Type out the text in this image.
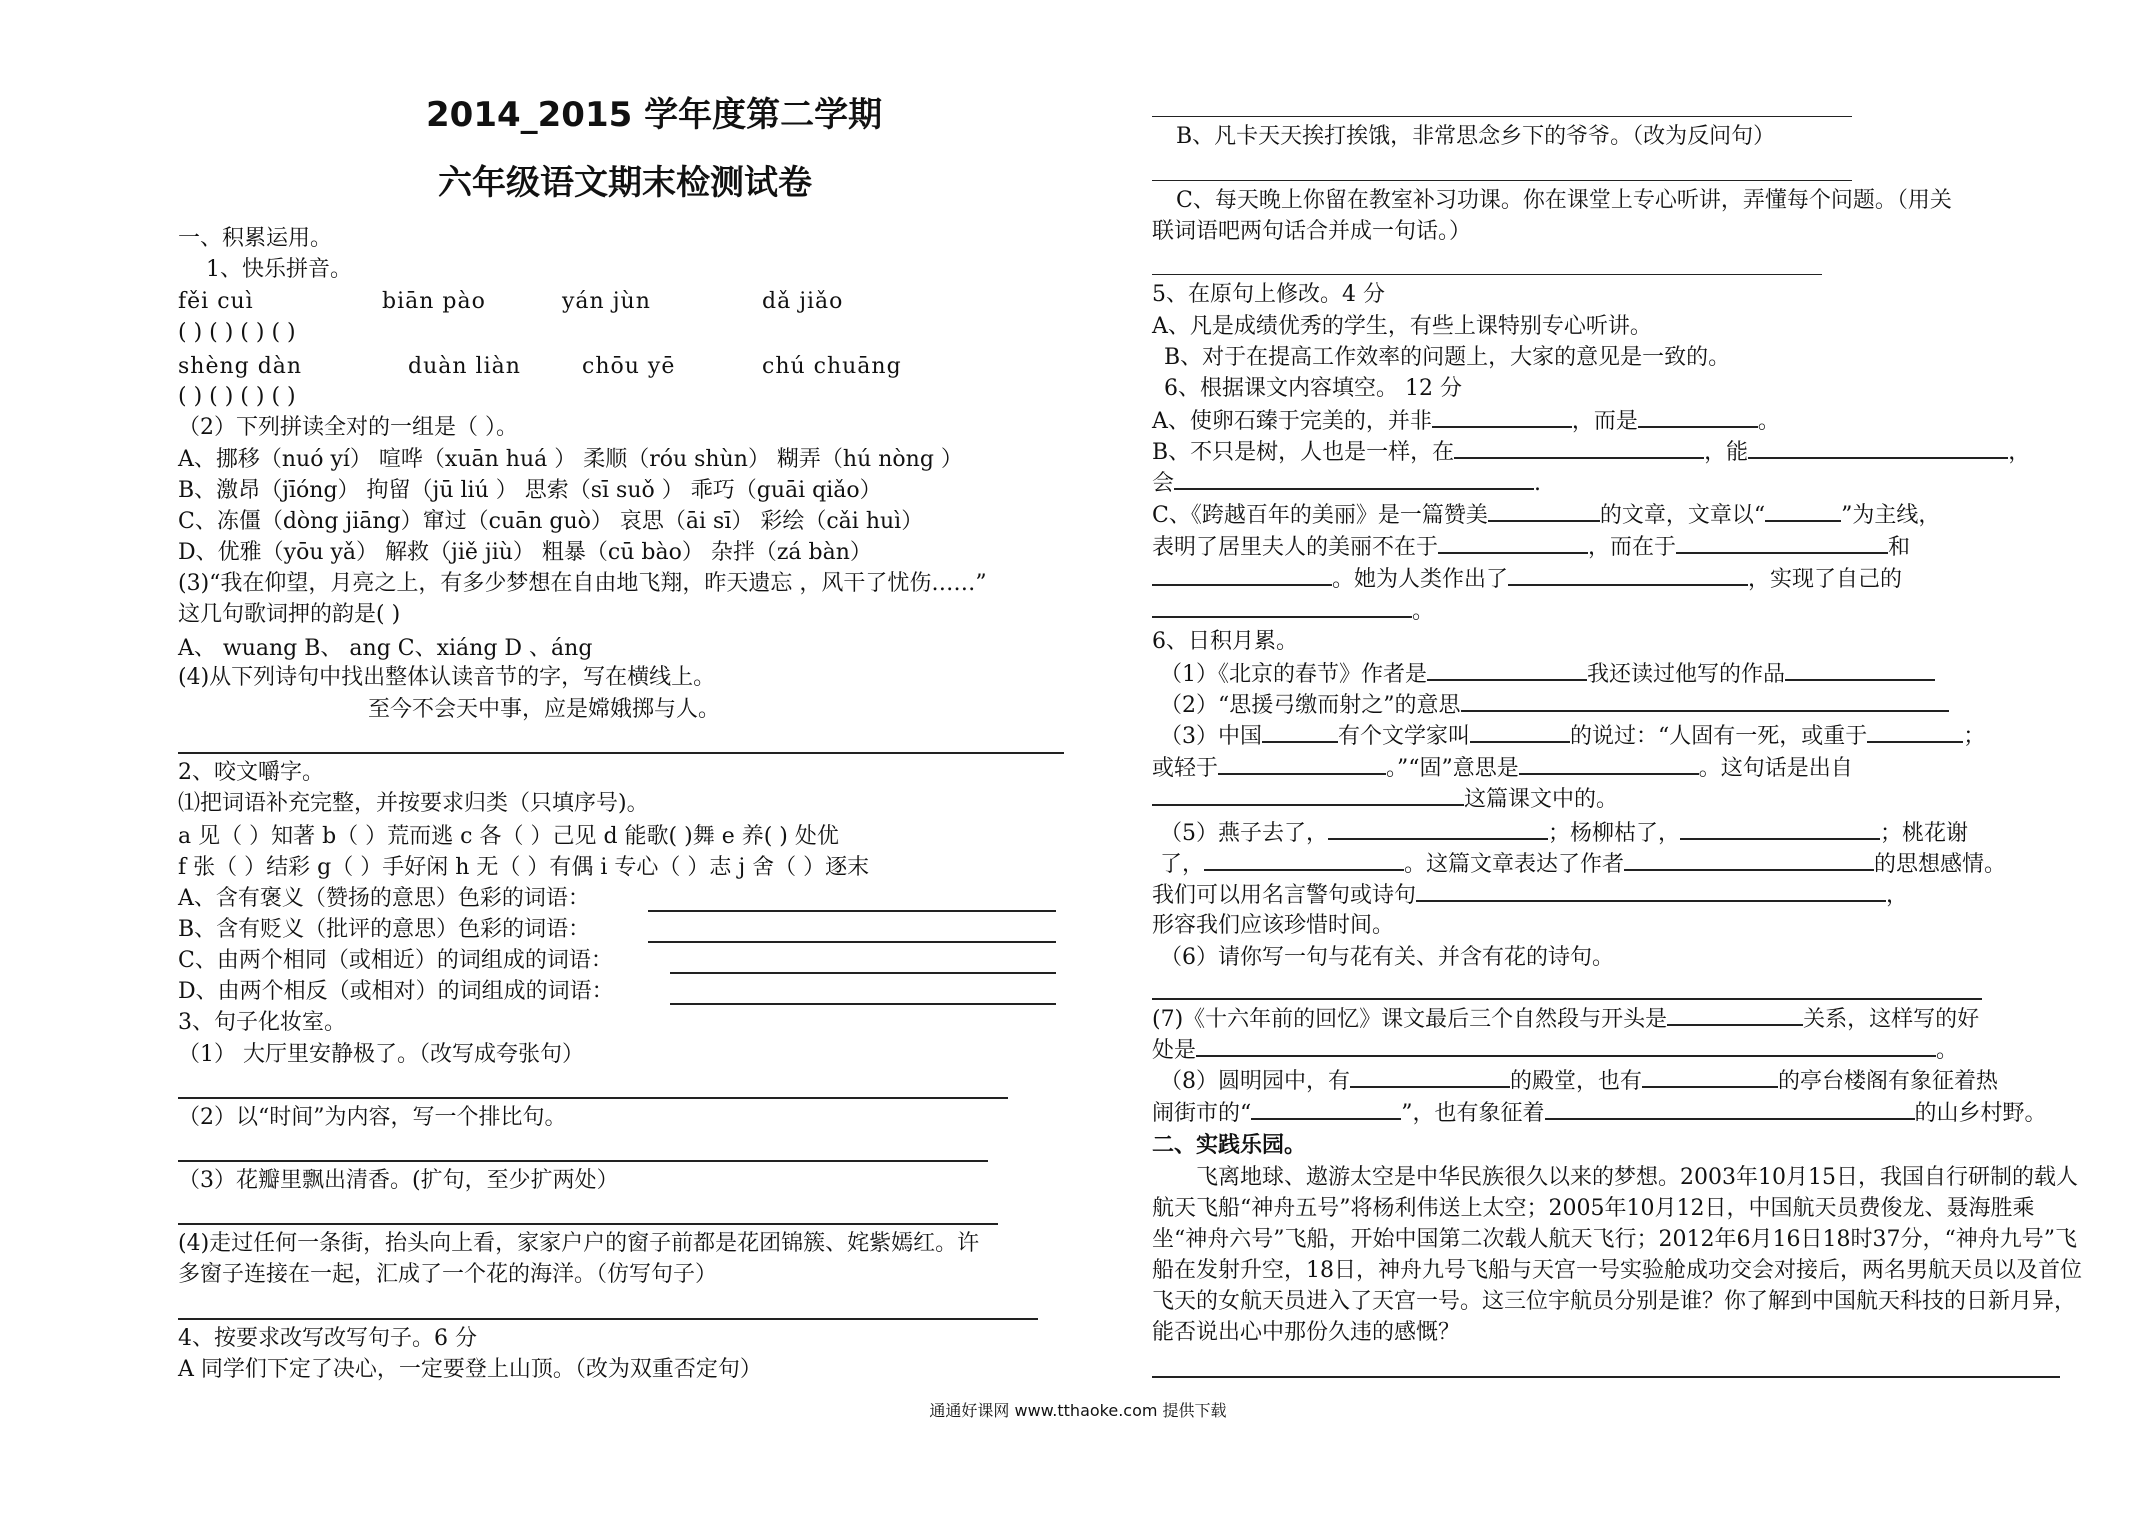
2014_2015 学年度第二学期
六年级语文期末检测试卷
一、积累运用。
1、快乐拼音。
fěi cuì	biān pào	yán jùn	dǎ jiǎo
( ) ( ) ( ) ( )
shèng dàn	duàn liàn	chōu yē	chú chuāng
( ) ( ) ( ) ( )
（2）下列拼读全对的一组是（ ）。
A、挪移（nuó yí） 喧哗（xuān huá ） 柔顺（róu shùn） 糊弄（hú nòng ）
B、激昂（jīóng） 拘留（jū liú ） 思索（sī suǒ ） 乖巧（guāi qiǎo）
C、冻僵（dòng jiāng）窜过（cuān guò） 哀思（āi sī） 彩绘（cǎi huì）
D、优雅（yōu yǎ） 解救（jiě jiù） 粗暴（cū bào） 杂拌（zá bàn）
(3)“我在仰望，月亮之上，有多少梦想在自由地飞翔，昨天遗忘 ，风干了忧伤……”
这几句歌词押的韵是( )
A、 wuang B、 ang C、xiáng D 、áng
(4)从下列诗句中找出整体认读音节的字，写在横线上。
至今不会天中事，应是嫦娥掷与人。
2、咬文嚼字。
⑴把词语补充完整，并按要求归类（只填序号)。
a 见（ ）知著 b（ ）荒而逃 c 各（ ）己见 d 能歌( )舞 e 养( ) 处优
f 张（ ）结彩 g（ ）手好闲 h 无（ ）有偶 i 专心（ ）志 j 舍（ ）逐末
A、含有褒义（赞扬的意思）色彩的词语：
B、含有贬义（批评的意思）色彩的词语：
C、由两个相同（或相近）的词组成的词语：
D、由两个相反（或相对）的词组成的词语：
3、句子化妆室。
（1） 大厅里安静极了。（改写成夸张句）
（2）以“时间”为内容，写一个排比句。
（3）花瓣里飘出清香。(扩句，至少扩两处）
(4)走过任何一条街，抬头向上看，家家户户的窗子前都是花团锦簇、姹紫嫣红。许
多窗子连接在一起，汇成了一个花的海洋。（仿写句子）
4、按要求改写改写句子。6 分
A 同学们下定了决心，一定要登上山顶。（改为双重否定句）
B、凡卡天天挨打挨饿，非常思念乡下的爷爷。（改为反问句）
C、每天晚上你留在教室补习功课。你在课堂上专心听讲，弄懂每个问题。（用关
联词语吧两句话合并成一句话。）
5、在原句上修改。4 分
A、凡是成绩优秀的学生，有些上课特别专心听讲。
B、对于在提高工作效率的问题上，大家的意见是一致的。
6、根据课文内容填空。 12 分
A、使卵石臻于完美的，并非	，而是	。
B、不只是树，人也是一样，在	，能	，
会	.
C、《跨越百年的美丽》是一篇赞美	的文章，文章以“	”为主线，
表明了居里夫人的美丽不在于	，而在于	和
。她为人类作出了	，实现了自己的
。
6、日积月累。
（1）《北京的春节》作者是	我还读过他写的作品
（2）“思援弓缴而射之”的意思
（3）中国	有个文学家叫	的说过：“人固有一死，或重于	；
或轻于	。”“固”意思是	。这句话是出自
这篇课文中的。
（5）燕子去了，	；杨柳枯了，	；桃花谢
了，	。这篇文章表达了作者	的思想感情。
我们可以用名言警句或诗句	，
形容我们应该珍惜时间。
（6）请你写一句与花有关、并含有花的诗句。
(7)《十六年前的回忆》课文最后三个自然段与开头是	关系，这样写的好
处是	。
（8）圆明园中，有	的殿堂，也有	的亭台楼阁有象征着热
闹街市的“	”，也有象征着	的山乡村野。
二、实践乐园。
飞离地球、遨游太空是中华民族很久以来的梦想。2003年10月15日，我国自行研制的载人航天飞船“神舟五号”将杨利伟送上太空；2005年10月12日，中国航天员费俊龙、聂海胜乘坐“神舟六号”飞船，开始中国第二次载人航天飞行；2012年6月16日18时37分，“神舟九号”飞船在发射升空，18日，神舟九号飞船与天宫一号实验舱成功交会对接后，两名男航天员以及首位飞天的女航天员进入了天宫一号。这三位宇航员分别是谁？你了解到中国航天科技的日新月异，能否说出心中那份久违的感慨？
通通好课网 www.tthaoke.com 提供下载
